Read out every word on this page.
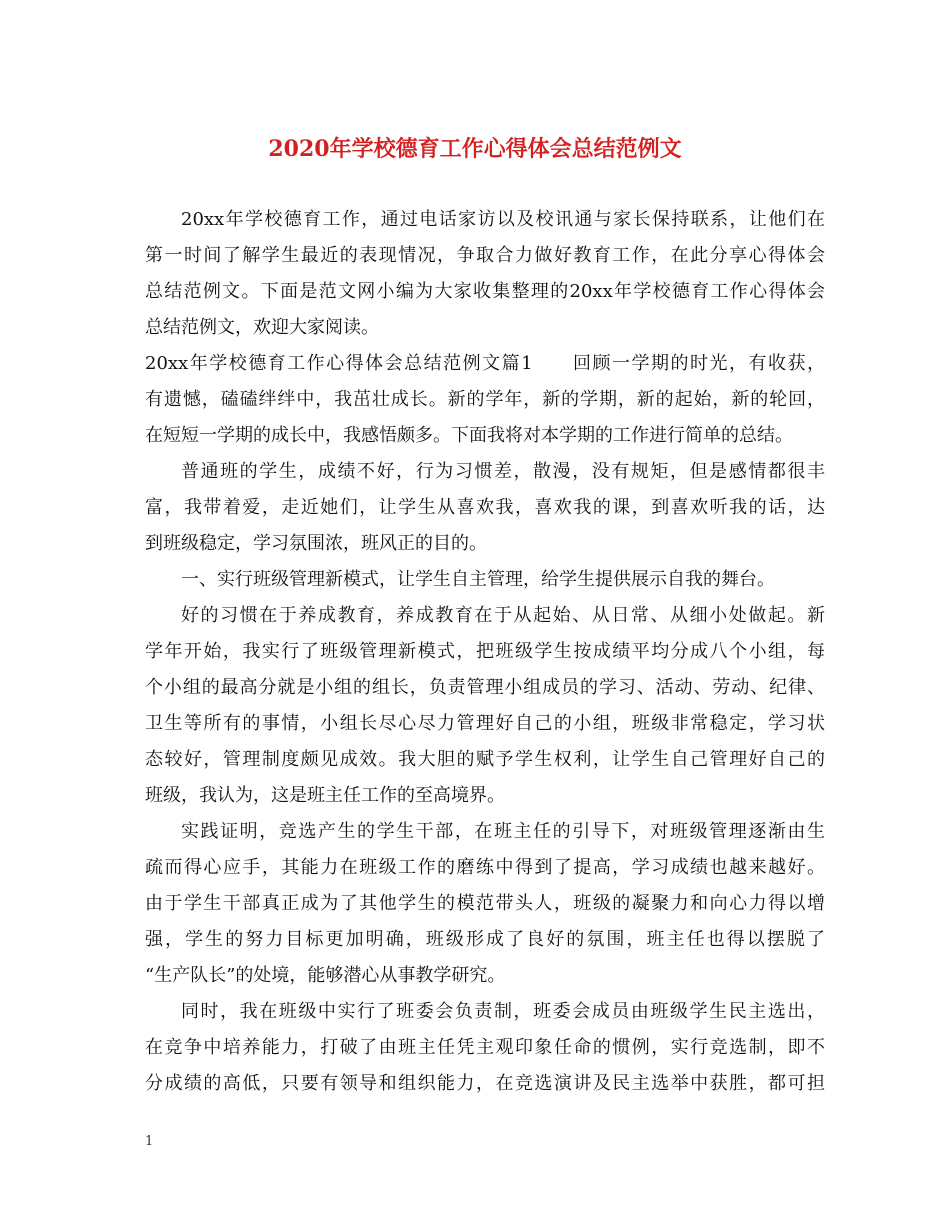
2020年学校德育工作心得体会总结范例文

20xx年学校德育工作，通过电话家访以及校讯通与家长保持联系，让他们在

第一时间了解学生最近的表现情况，争取合力做好教育工作，在此分享心得体会

总结范例文。下面是范文网小编为大家收集整理的20xx年学校德育工作心得体会

总结范例文，欢迎大家阅读。

20xx年学校德育工作心得体会总结范例文篇1　　回顾一学期的时光，有收获，

有遗憾，磕磕绊绊中，我茁壮成长。新的学年，新的学期，新的起始，新的轮回，

在短短一学期的成长中，我感悟颇多。下面我将对本学期的工作进行简单的总结。

普通班的学生，成绩不好，行为习惯差，散漫，没有规矩，但是感情都很丰

富，我带着爱，走近她们，让学生从喜欢我，喜欢我的课，到喜欢听我的话，达

到班级稳定，学习氛围浓，班风正的目的。

一、实行班级管理新模式，让学生自主管理，给学生提供展示自我的舞台。

好的习惯在于养成教育，养成教育在于从起始、从日常、从细小处做起。新

学年开始，我实行了班级管理新模式，把班级学生按成绩平均分成八个小组，每

个小组的最高分就是小组的组长，负责管理小组成员的学习、活动、劳动、纪律、

卫生等所有的事情，小组长尽心尽力管理好自己的小组，班级非常稳定，学习状

态较好，管理制度颇见成效。我大胆的赋予学生权利，让学生自己管理好自己的

班级，我认为，这是班主任工作的至高境界。

实践证明，竞选产生的学生干部，在班主任的引导下，对班级管理逐渐由生

疏而得心应手，其能力在班级工作的磨练中得到了提高，学习成绩也越来越好。

由于学生干部真正成为了其他学生的模范带头人，班级的凝聚力和向心力得以增

强，学生的努力目标更加明确，班级形成了良好的氛围，班主任也得以摆脱了

“生产队长”的处境，能够潜心从事教学研究。

同时，我在班级中实行了班委会负责制，班委会成员由班级学生民主选出，

在竞争中培养能力，打破了由班主任凭主观印象任命的惯例，实行竞选制，即不

分成绩的高低，只要有领导和组织能力，在竞选演讲及民主选举中获胜，都可担

1
